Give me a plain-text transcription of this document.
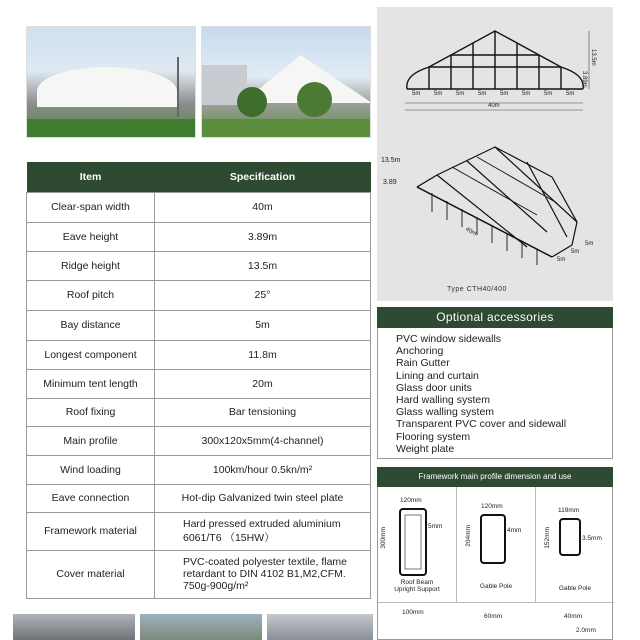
Item	Specification
Clear-span width	40m
Eave height	3.89m
Ridge height	13.5m
Roof pitch	25°
Bay distance	5m
Longest component	11.8m
Minimum tent length	20m
Roof fixing	Bar tensioning
Main profile	300x120x5mm(4-channel)
Wind loading	100km/hour 0.5kn/m²
Eave connection	Hot-dip Galvanized twin steel plate
Framework material	Hard pressed extruded aluminium 6061/T6 （15HW）
Cover material	PVC-coated polyester textile, flame retardant to DIN 4102 B1,M2,CFM. 750g-900g/m²
5m 5m 5m 5m 5m 5m 5m 5m
40m
13.5m
3.89m
13.5m
3.89
40m
5m
5m
5m
Type CTH40/400
Optional accessories
PVC window sidewalls
Anchoring
Rain Gutter
Lining and curtain
Glass door units
Hard walling system
Glass walling system
Transparent PVC cover and sidewall
Flooring system
Weight plate
Framework main profile dimension and use
120mm
300mm
5mm
Roof Beam
Upright Support
120mm
204mm	4mm
Gable Pole
119mm
152mm	3.5mm
Gable Pole
100mm
60mm	40mm
2.0mm
